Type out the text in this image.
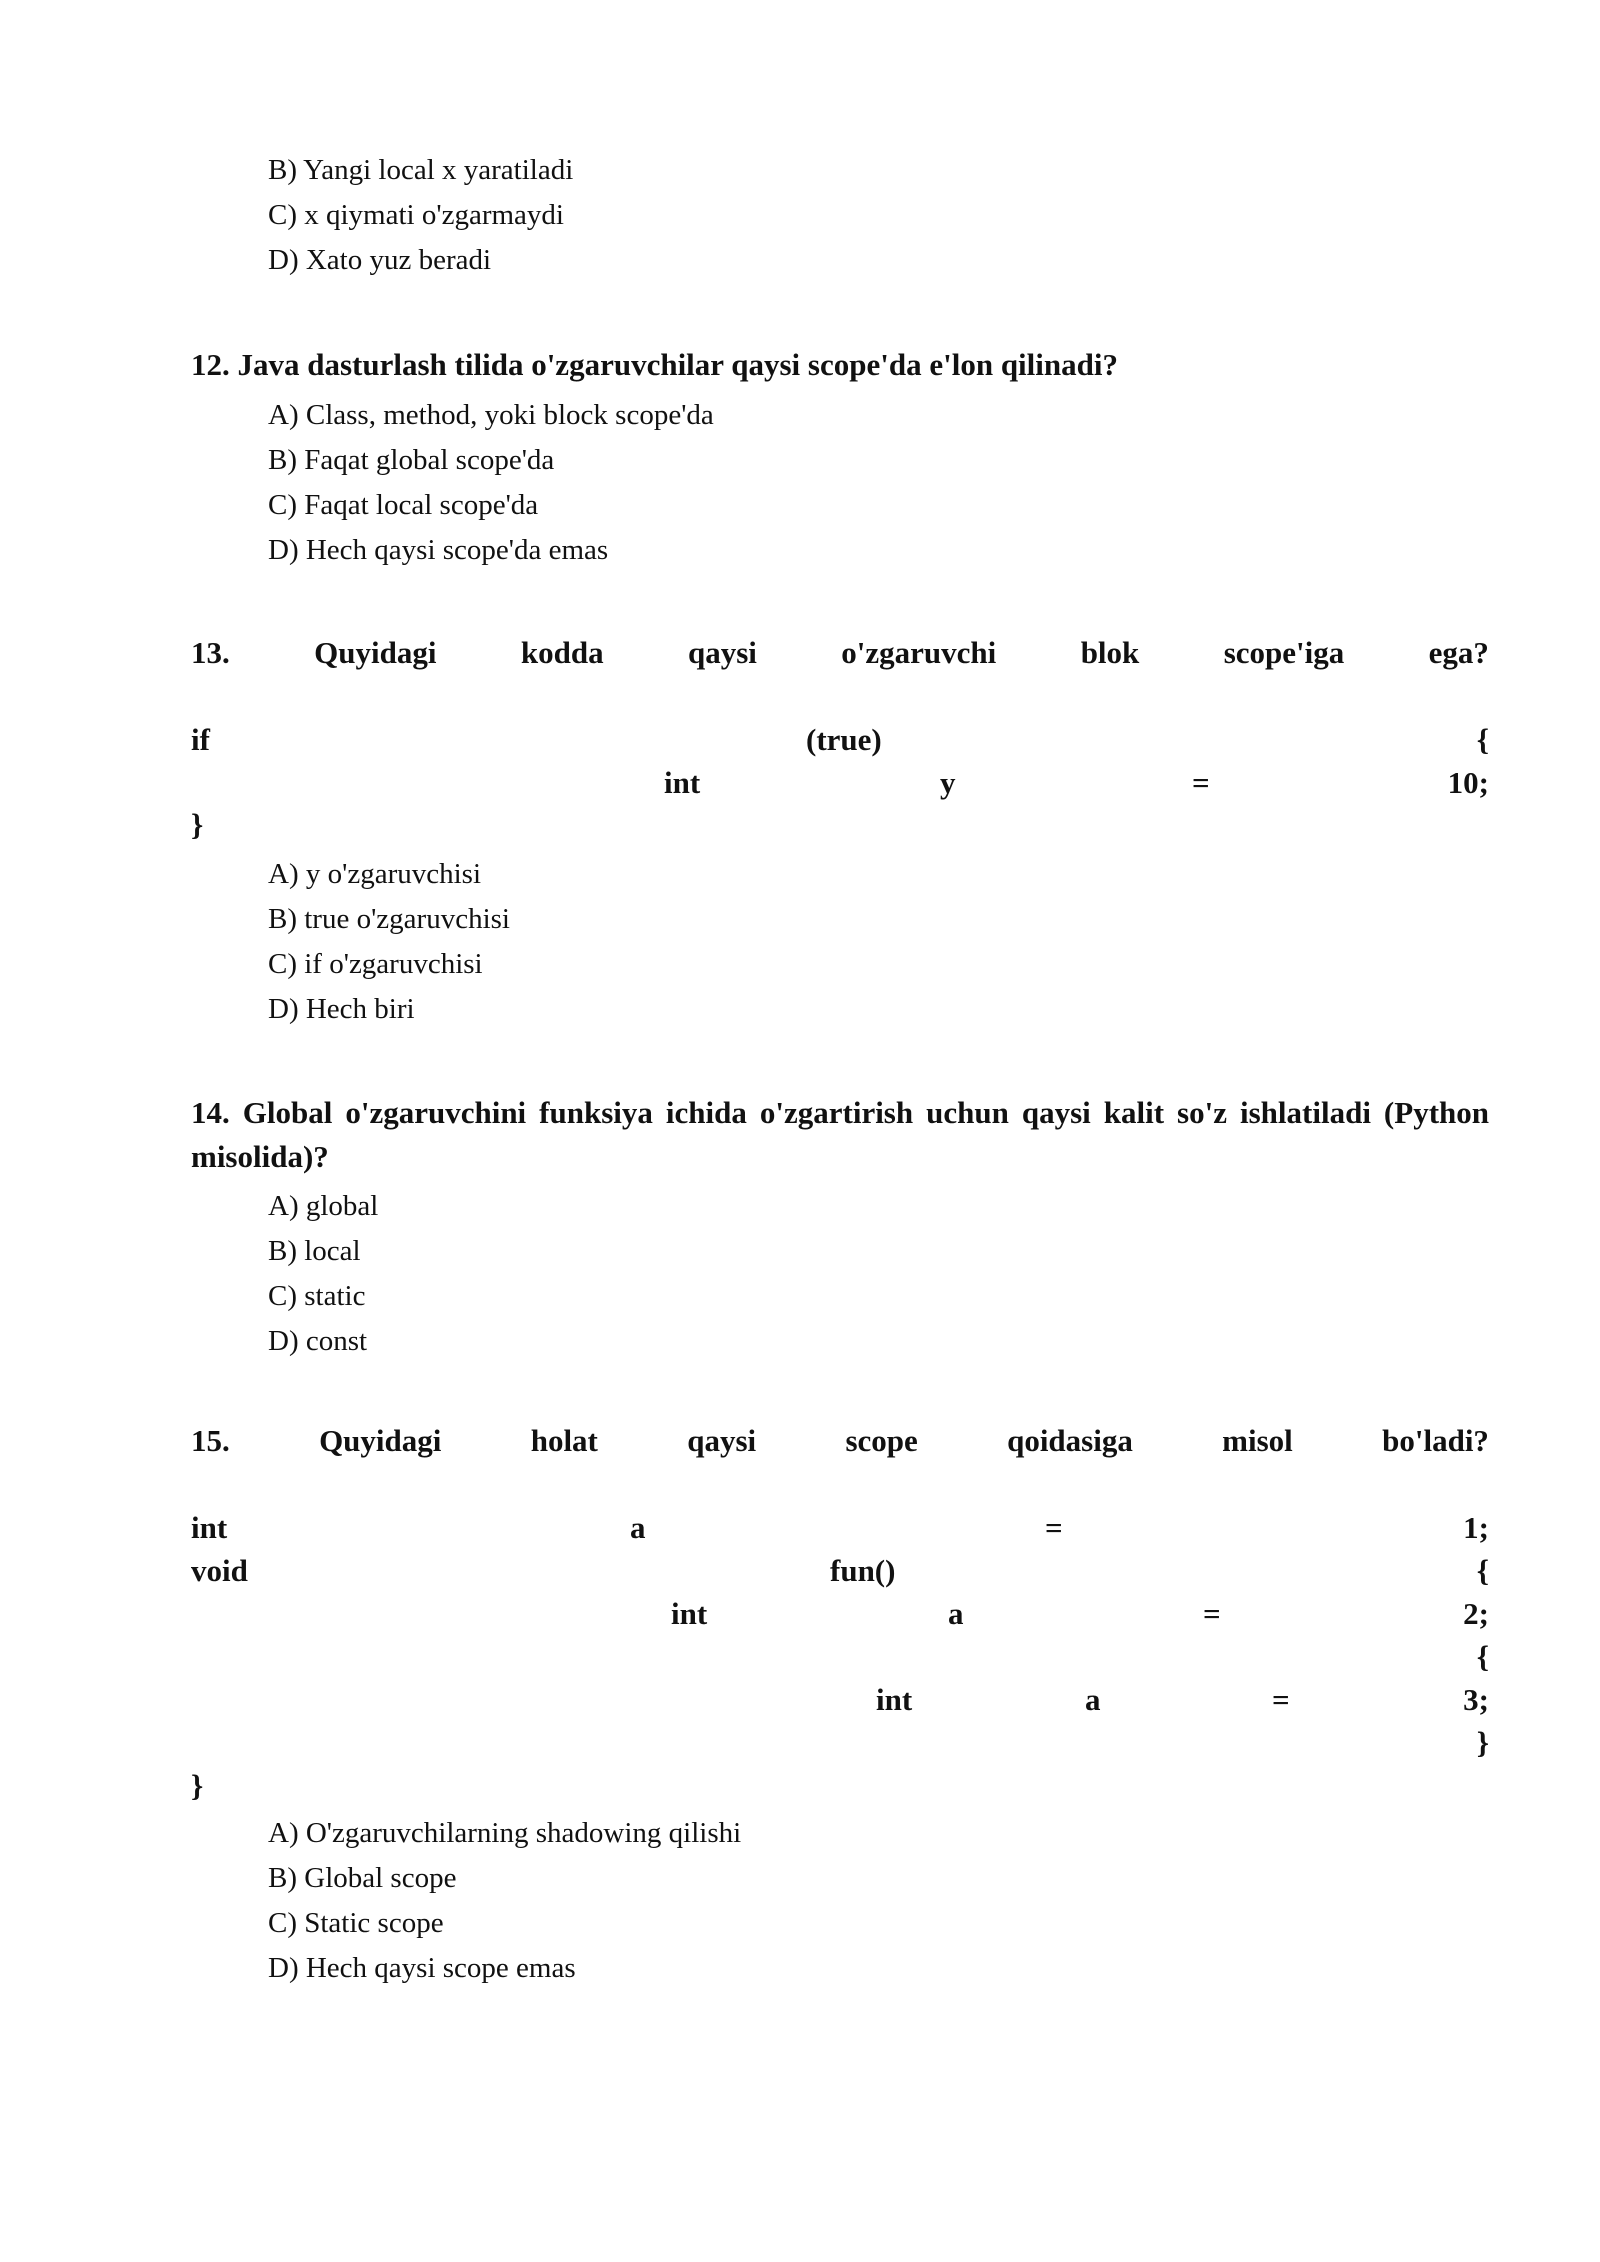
B) Yangi local x yaratiladi
C) x qiymati o'zgarmaydi
D) Xato yuz beradi
12. Java dasturlash tilida o'zgaruvchilar qaysi scope'da e'lon qilinadi?
A) Class, method, yoki block scope'da
B) Faqat global scope'da
C) Faqat local scope'da
D) Hech qaysi scope'da emas
13.	Quyidagi	kodda	qaysi	o'zgaruvchi	blok	scope'iga	ega?
if	(true)	{
int	y	=	10;
}
A) y o'zgaruvchisi
B) true o'zgaruvchisi
C) if o'zgaruvchisi
D) Hech biri
14. Global o'zgaruvchini funksiya ichida o'zgartirish uchun qaysi kalit so'z ishlatiladi (Python misolida)?
A) global
B) local
C) static
D) const
15.	Quyidagi	holat	qaysi	scope	qoidasiga	misol	bo'ladi?
int	a	=	1;
void	fun()	{
int	a	=	2;
{
int	a	=	3;
}
}
A) O'zgaruvchilarning shadowing qilishi
B) Global scope
C) Static scope
D) Hech qaysi scope emas
